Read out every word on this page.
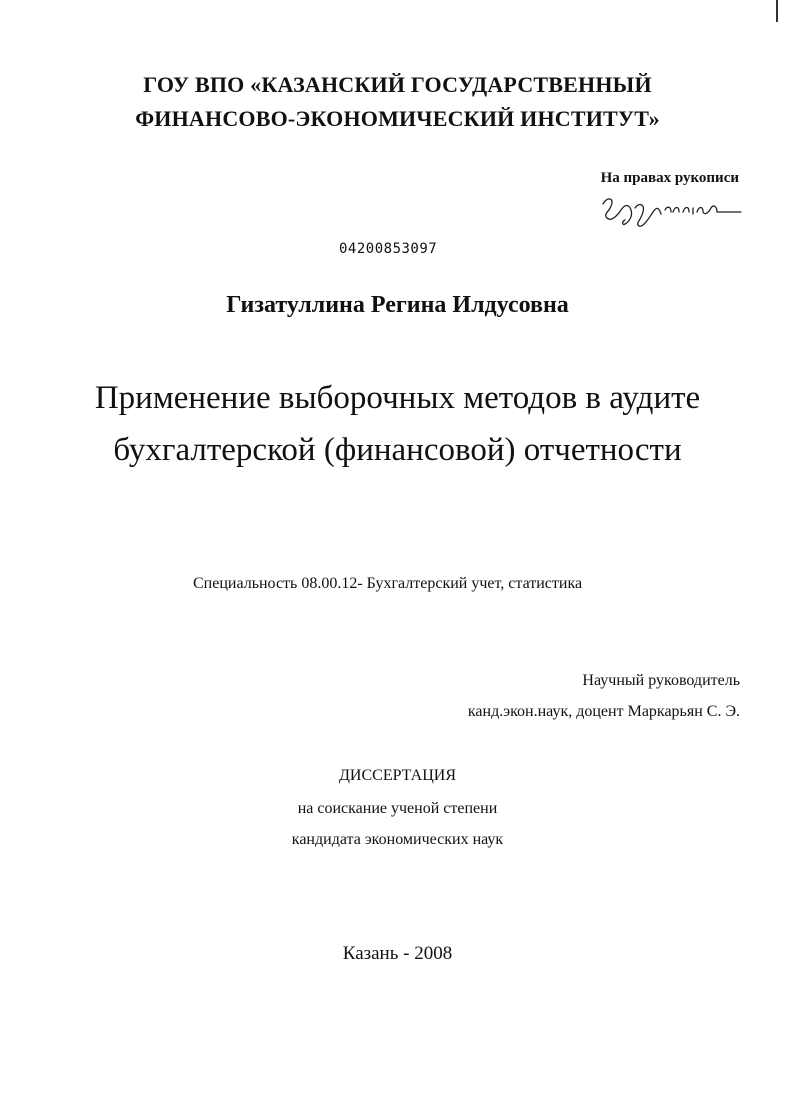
ГОУ ВПО «КАЗАНСКИЙ ГОСУДАРСТВЕННЫЙ
ФИНАНСОВО-ЭКОНОМИЧЕСКИЙ ИНСТИТУТ»
На правах рукописи
04200853097
Гизатуллина Регина Илдусовна
Применение выборочных методов в аудите
бухгалтерской (финансовой) отчетности
Специальность 08.00.12- Бухгалтерский учет, статистика
Научный руководитель
канд.экон.наук, доцент Маркарьян С. Э.
ДИССЕРТАЦИЯ
на соискание ученой степени
кандидата экономических наук
Казань - 2008
